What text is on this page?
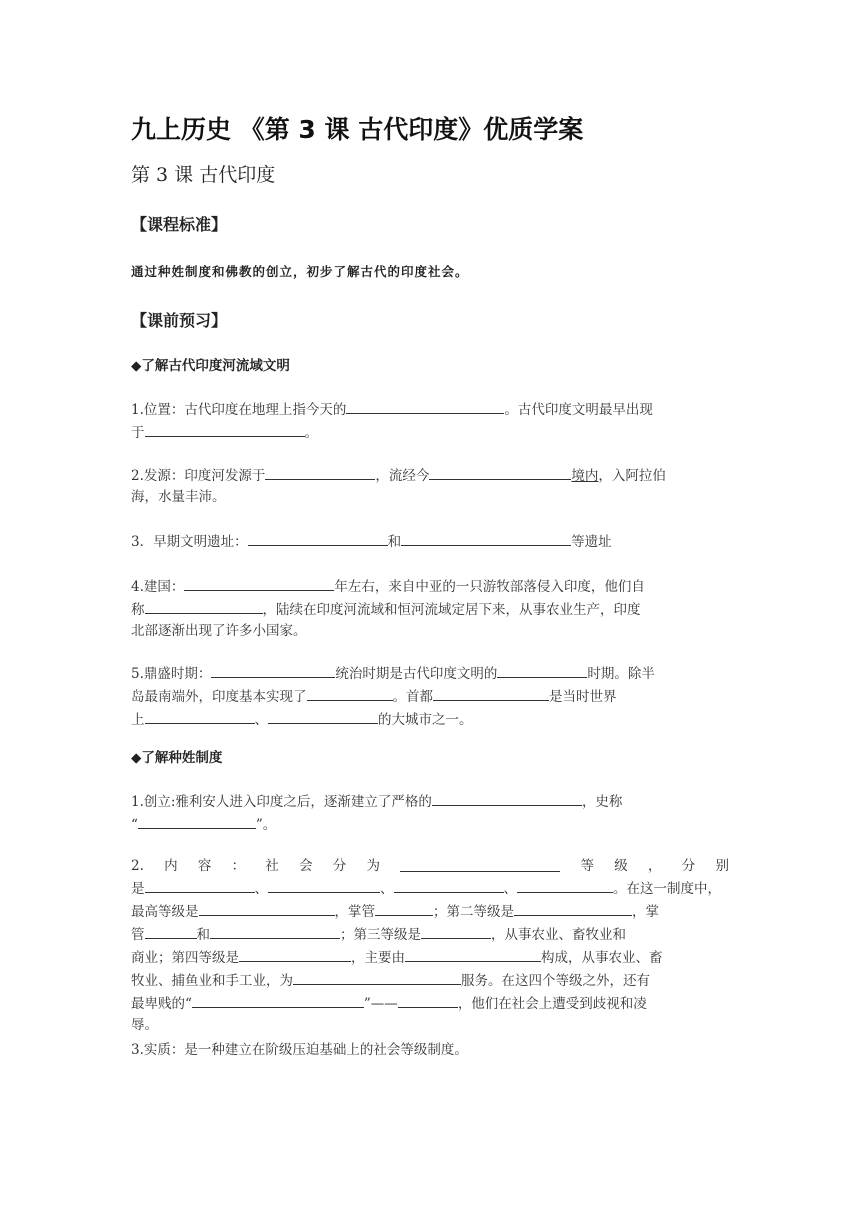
九上历史 《第 3 课 古代印度》优质学案
第 3 课 古代印度
【课程标准】
通过种姓制度和佛教的创立，初步了解古代的印度社会。
【课前预习】
◆了解古代印度河流域文明
1.位置：古代印度在地理上指今天的	。古代印度文明最早出现
于	。
2.发源：印度河发源于	，流经今	境内，入阿拉伯
海，水量丰沛。
3．早期文明遗址：	和	等遗址
4.建国：	年左右，来自中亚的一只游牧部落侵入印度，他们自
称	，陆续在印度河流域和恒河流域定居下来，从事农业生产，印度
北部逐渐出现了许多小国家。
5.鼎盛时期：	统治时期是古代印度文明的	时期。除半
岛最南端外，印度基本实现了	。首都	是当时世界
上	、	的大城市之一。
◆了解种姓制度
1.创立:雅利安人进入印度之后，逐渐建立了严格的	，史称
“	”。
2. 内 容 ： 社 会 分 为	等 级 ， 分 别
是	、	、	、	。在这一制度中，
最高等级是	，掌管	；第二等级是	，掌
管	和	；第三等级是	，从事农业、畜牧业和
商业；第四等级是	，主要由	构成，从事农业、畜
牧业、捕鱼业和手工业，为	服务。在这四个等级之外，还有
最卑贱的“	”——	，他们在社会上遭受到歧视和凌
辱。
3.实质：是一种建立在阶级压迫基础上的社会等级制度。
